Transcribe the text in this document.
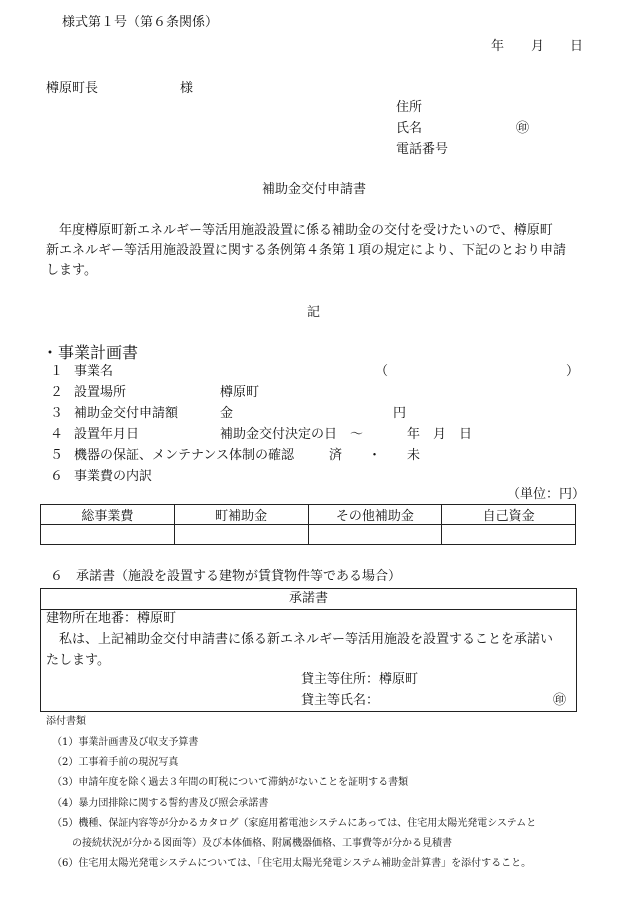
様式第１号（第６条関係）
年 月 日
樽原町長	様
住所
氏名	㊞
電話番号
補助金交付申請書
　年度樽原町新エネルギー等活用施設設置に係る補助金の交付を受けたいので、樽原町
新エネルギー等活用施設設置に関する条例第４条第１項の規定により、下記のとおり申請
します。
記
・事業計画書
１ 事業名	（	）
２ 設置場所	樽原町
３ 補助金交付申請額	金	円
４ 設置年月日	補助金交付決定の日　～	年　月　日
５ 機器の保証、メンテナンス体制の確認	済　　・　　未
６ 事業費の内訳
（単位：円）
総事業費	町補助金	その他補助金	自己資金

６　承諾書（施設を設置する建物が賃貸物件等である場合）
承諾書
建物所在地番：樽原町
　私は、上記補助金交付申請書に係る新エネルギー等活用施設を設置することを承諾い
たします。
貸主等住所：樽原町
貸主等氏名：	㊞
添付書類
（1）事業計画書及び収支予算書
（2）工事着手前の現況写真
（3）申請年度を除く過去３年間の町税について滞納がないことを証明する書類
（4）暴力団排除に関する誓約書及び照会承諾書
（5）機種、保証内容等が分かるカタログ（家庭用蓄電池システムにあっては、住宅用太陽光発電システムと
　　の接続状況が分かる図面等）及び本体価格、附属機器価格、工事費等が分かる見積書
（6）住宅用太陽光発電システムについては、「住宅用太陽光発電システム補助金計算書」を添付すること。
